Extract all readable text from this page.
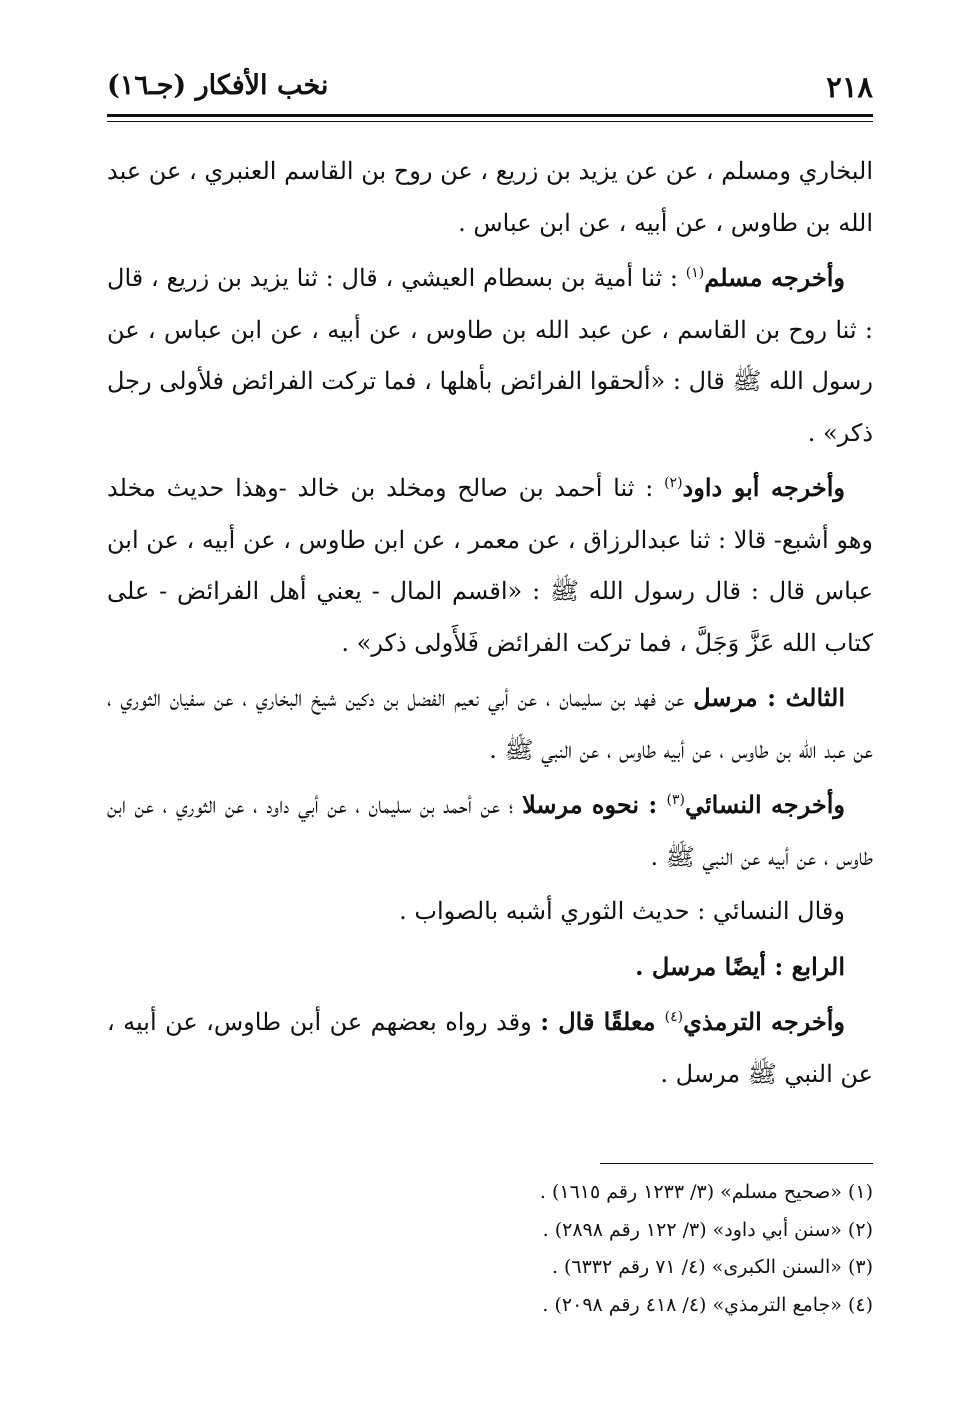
نخب الأفكار (جـ١٦)	٢١٨

البخاري ومسلم ، عن عن يزيد بن زريع ، عن روح بن القاسم العنبري ، عن عبد الله بن طاوس ، عن أبيه ، عن ابن عباس .

وأخرجه مسلم$^{(١)}$ : ثنا أمية بن بسطام العيشي ، قال : ثنا يزيد بن زريع ، قال : ثنا روح بن القاسم ، عن عبد الله بن طاوس ، عن أبيه ، عن ابن عباس ، عن رسول الله ﷺ قال : «ألحقوا الفرائض بأهلها ، فما تركت الفرائض فلأولى رجل ذكر» .

وأخرجه أبو داود$^{(٢)}$ : ثنا أحمد بن صالح ومخلد بن خالد -وهذا حديث مخلد وهو أشبع- قالا : ثنا عبدالرزاق ، عن معمر ، عن ابن طاوس ، عن أبيه ، عن ابن عباس قال : قال رسول الله ﷺ : «اقسم المال - يعني أهل الفرائض - على كتاب الله عَزَّ وَجَلَّ ، فما تركت الفرائض فَلأَولى ذكر» .

الثالث : مرسل عن فهد بن سليمان ، عن أبي نعيم الفضل بن دكين شيخ البخاري ، عن سفيان الثوري ، عن عبد الله بن طاوس ، عن أبيه طاوس ، عن النبي ﷺ .

وأخرجه النسائي$^{(٣)}$ : نحوه مرسلا ؛ عن أحمد بن سليمان ، عن أبي داود ، عن الثوري ، عن ابن طاوس ، عن أبيه عن النبي ﷺ .

وقال النسائي : حديث الثوري أشبه بالصواب .

الرابع : أيضًا مرسل .

وأخرجه الترمذي$^{(٤)}$ معلقًا قال : وقد رواه بعضهم عن أبن طاوس، عن أبيه ، عن النبي ﷺ مرسل .

(١) «صحيح مسلم» (٣/ ١٢٣٣ رقم ١٦١٥) .
(٢) «سنن أبي داود» (٣/ ١٢٢ رقم ٢٨٩٨) .
(٣) «السنن الكبرى» (٤/ ٧١ رقم ٦٣٣٢) .
(٤) «جامع الترمذي» (٤/ ٤١٨ رقم ٢٠٩٨) .
